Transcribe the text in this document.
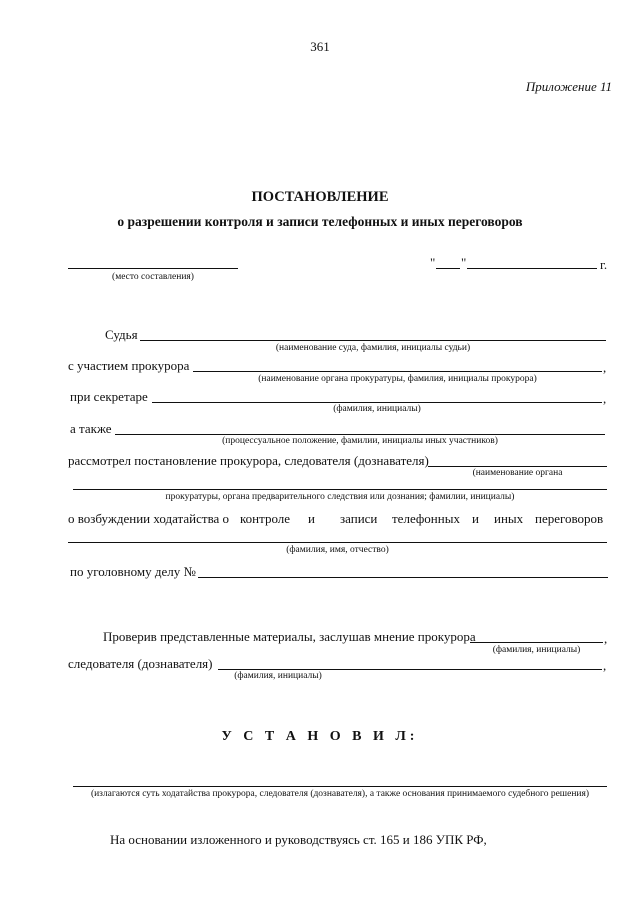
361
Приложение 11
ПОСТАНОВЛЕНИЕ
о разрешении контроля и записи телефонных и иных переговоров
(место составления)
" "	г.
Судья
(наименование суда, фамилия, инициалы судьи)
с участием прокурора	,
(наименование органа прокуратуры, фамилия, инициалы прокурора)
при секретаре	,
(фамилия, инициалы)
а также
(процессуальное положение, фамилии, инициалы иных участников)
рассмотрел постановление прокурора, следователя (дознавателя)
(наименование органа
прокуратуры, органа предварительного следствия или дознания; фамилии, инициалы)
о возбуждении ходатайства о контроле и записи телефонных и иных переговоров
(фамилия, имя, отчество)
по уголовному делу №
Проверив представленные материалы, заслушав мнение прокурора	,
(фамилия, инициалы)
следователя (дознавателя)	,
(фамилия, инициалы)
У С Т А Н О В И Л:
(излагаются суть ходатайства прокурора, следователя (дознавателя), а также основания принимаемого судебного решения)
На основании изложенного и руководствуясь ст. 165 и 186 УПК РФ,
